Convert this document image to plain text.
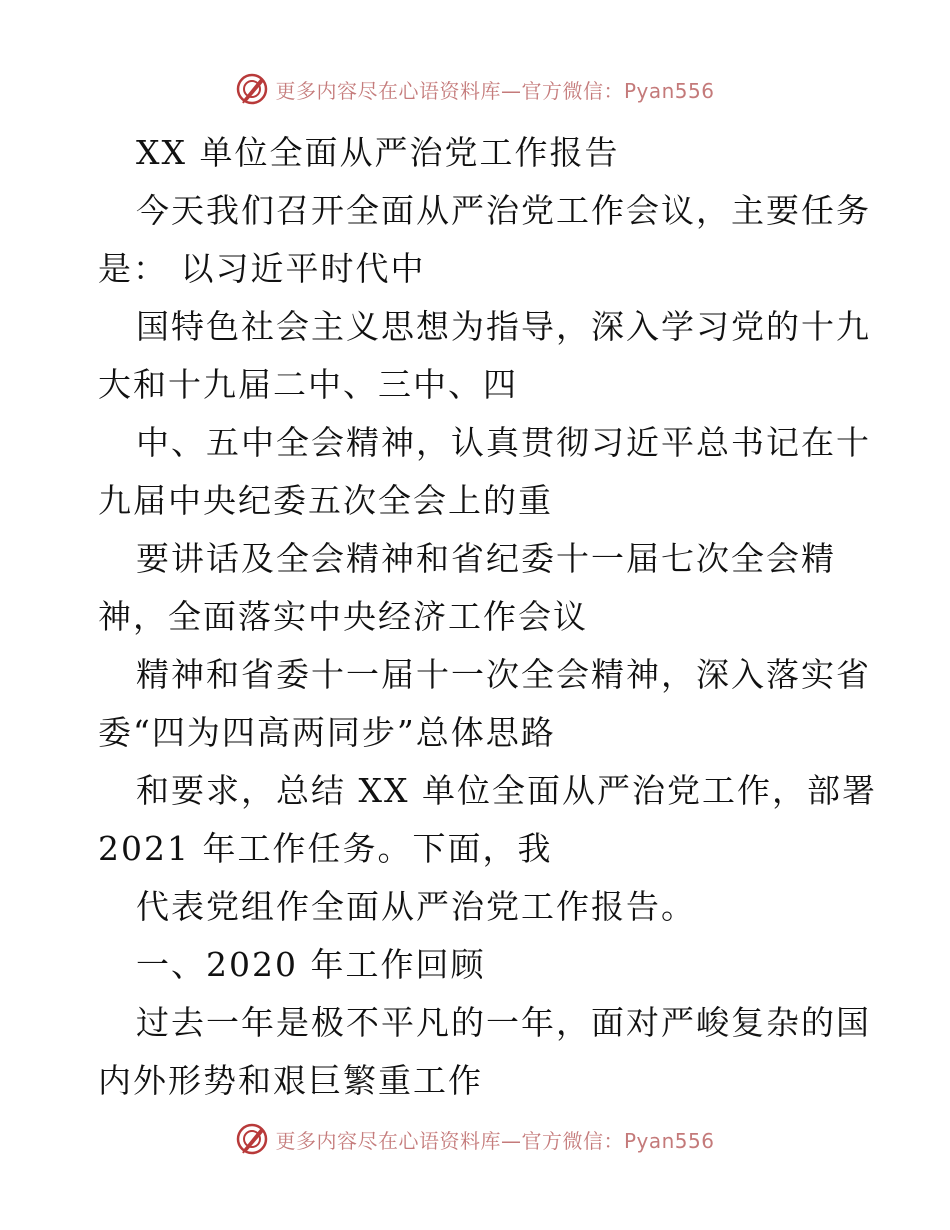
更多内容尽在心语资料库—官方微信：Pyan556
XX 单位全面从严治党工作报告
今天我们召开全面从严治党工作会议，主要任务
是： 以习近平时代中
国特色社会主义思想为指导，深入学习党的十九
大和十九届二中、三中、四
中、五中全会精神，认真贯彻习近平总书记在十
九届中央纪委五次全会上的重
要讲话及全会精神和省纪委十一届七次全会精
神，全面落实中央经济工作会议
精神和省委十一届十一次全会精神，深入落实省
委“四为四高两同步”总体思路
和要求，总结 XX 单位全面从严治党工作，部署
2021 年工作任务。下面，我
代表党组作全面从严治党工作报告。
一、2020 年工作回顾
过去一年是极不平凡的一年，面对严峻复杂的国
内外形势和艰巨繁重工作
更多内容尽在心语资料库—官方微信：Pyan556
